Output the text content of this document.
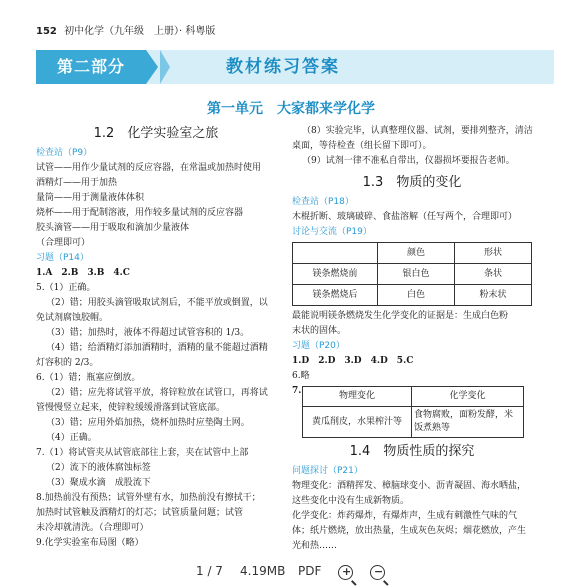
152 初中化学（九年级　上册）· 科粤版
第二部分	教材练习答案
第一单元　大家都来学化学
1.2　化学实验室之旅
检查站（P9）
试管——用作少量试剂的反应容器，在常温或加热时使用
酒精灯——用于加热
量筒——用于测量液体体积
烧杯——用于配制溶液，用作较多量试剂的反应容器
胶头滴管——用于吸取和滴加少量液体
（合理即可）
习题（P14）
1.A　2.B　3.B　4.C
5.（1）正确。
（2）错；用胶头滴管吸取试剂后，不能平放或倒置，以
免试剂腐蚀胶帽。
（3）错；加热时，液体不得超过试管容积的 1/3。
（4）错；给酒精灯添加酒精时，酒精的量不能超过酒精
灯容积的 2/3。
6.（1）错；瓶塞应倒放。
（2）错；应先将试管平放，将锌粒放在试管口，再将试
管慢慢竖立起来，使锌粒缓缓滑落到试管底部。
（3）错；应用外焰加热，烧杯加热时应垫陶土网。
（4）正确。
7.（1）将试管夹从试管底部往上套，夹在试管中上部
（2）流下的液体腐蚀标签
（3）聚成水滴　成股流下
8.加热前没有预热；试管外壁有水，加热前没有擦拭干；
加热时试管触及酒精灯的灯芯；试管质量问题；试管
未冷却就清洗。（合理即可）
9.化学实验室布局图（略）
（8）实验完毕，认真整理仪器、试剂，要排列整齐，清洁
桌面，等待检查（组长留下即可）。
（9）试剂一律不准私自带出，仪器损坏要报告老师。
1.3　物质的变化
检查站（P18）
木棍折断、玻璃破碎、食盐溶解（任写两个，合理即可）
讨论与交流（P19）
	颜色	形状
镁条燃烧前	银白色	条状
镁条燃烧后	白色	粉末状
最能说明镁条燃烧发生化学变化的证据是：生成白色粉
末状的固体。
习题（P20）
1.D　2.D　3.D　4.D　5.C
6.略
7.	物理变化	化学变化
黄瓜削皮，水果榨汁等	食物腐败，面粉发酵，米饭煮熟等
1.4　物质性质的探究
问题探讨（P21）
物理变化：酒精挥发、樟脑球变小、沥青凝固、海水晒盐，
这些变化中没有生成新物质。
化学变化：炸药爆炸，有爆炸声，生成有刺激性气味的气
体；纸片燃烧，放出热量，生成灰色灰烬；烟花燃放，产生
光和热……
1 / 7 4.19MB PDF + −
